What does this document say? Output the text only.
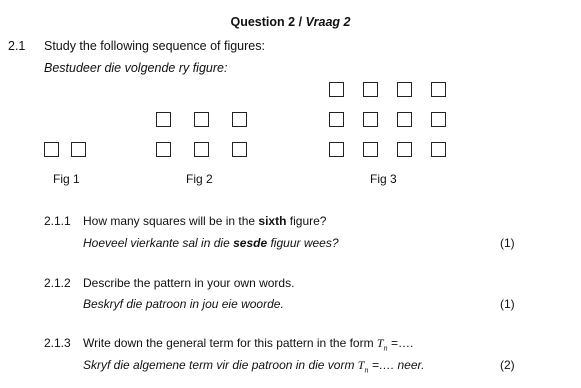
Question 2 / Vraag 2
2.1 Study the following sequence of figures:
Bestudeer die volgende ry figure:
Fig 1	Fig 2	Fig 3
2.1.1 How many squares will be in the sixth figure?
Hoeveel vierkante sal in die sesde figuur wees?	(1)
2.1.2 Describe the pattern in your own words.
Beskryf die patroon in jou eie woorde.	(1)
2.1.3 Write down the general term for this pattern in the form $T_n$ =….
Skryf die algemene term vir die patroon in die vorm $T_n$ =…. neer.	(2)
